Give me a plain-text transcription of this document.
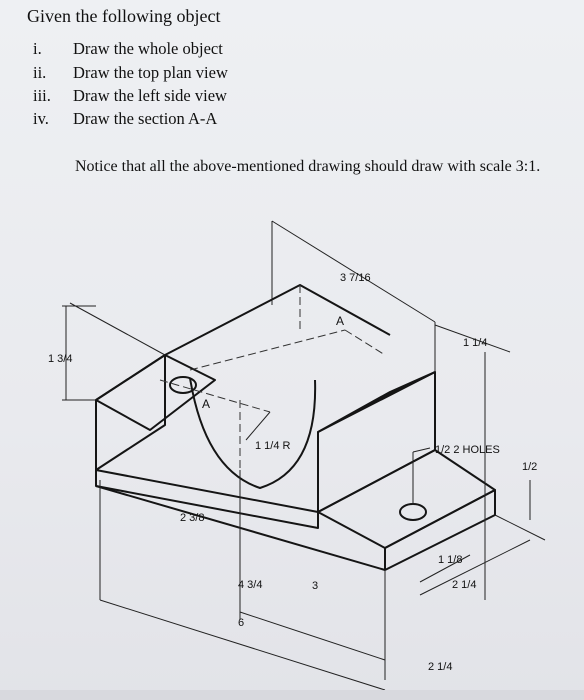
Given the following object
i. Draw the whole object
ii. Draw the top plan view
iii. Draw the left side view
iv. Draw the section A-A
Notice that all the above-mentioned drawing should draw with scale 3:1.
3 7/16
1 1/4
1 3/4
1 1/4 R	1/2 2 HOLES
1/2
2 3/8
4 3/4	3
6
1 1/8
2 1/4
2 1/4
A
A
